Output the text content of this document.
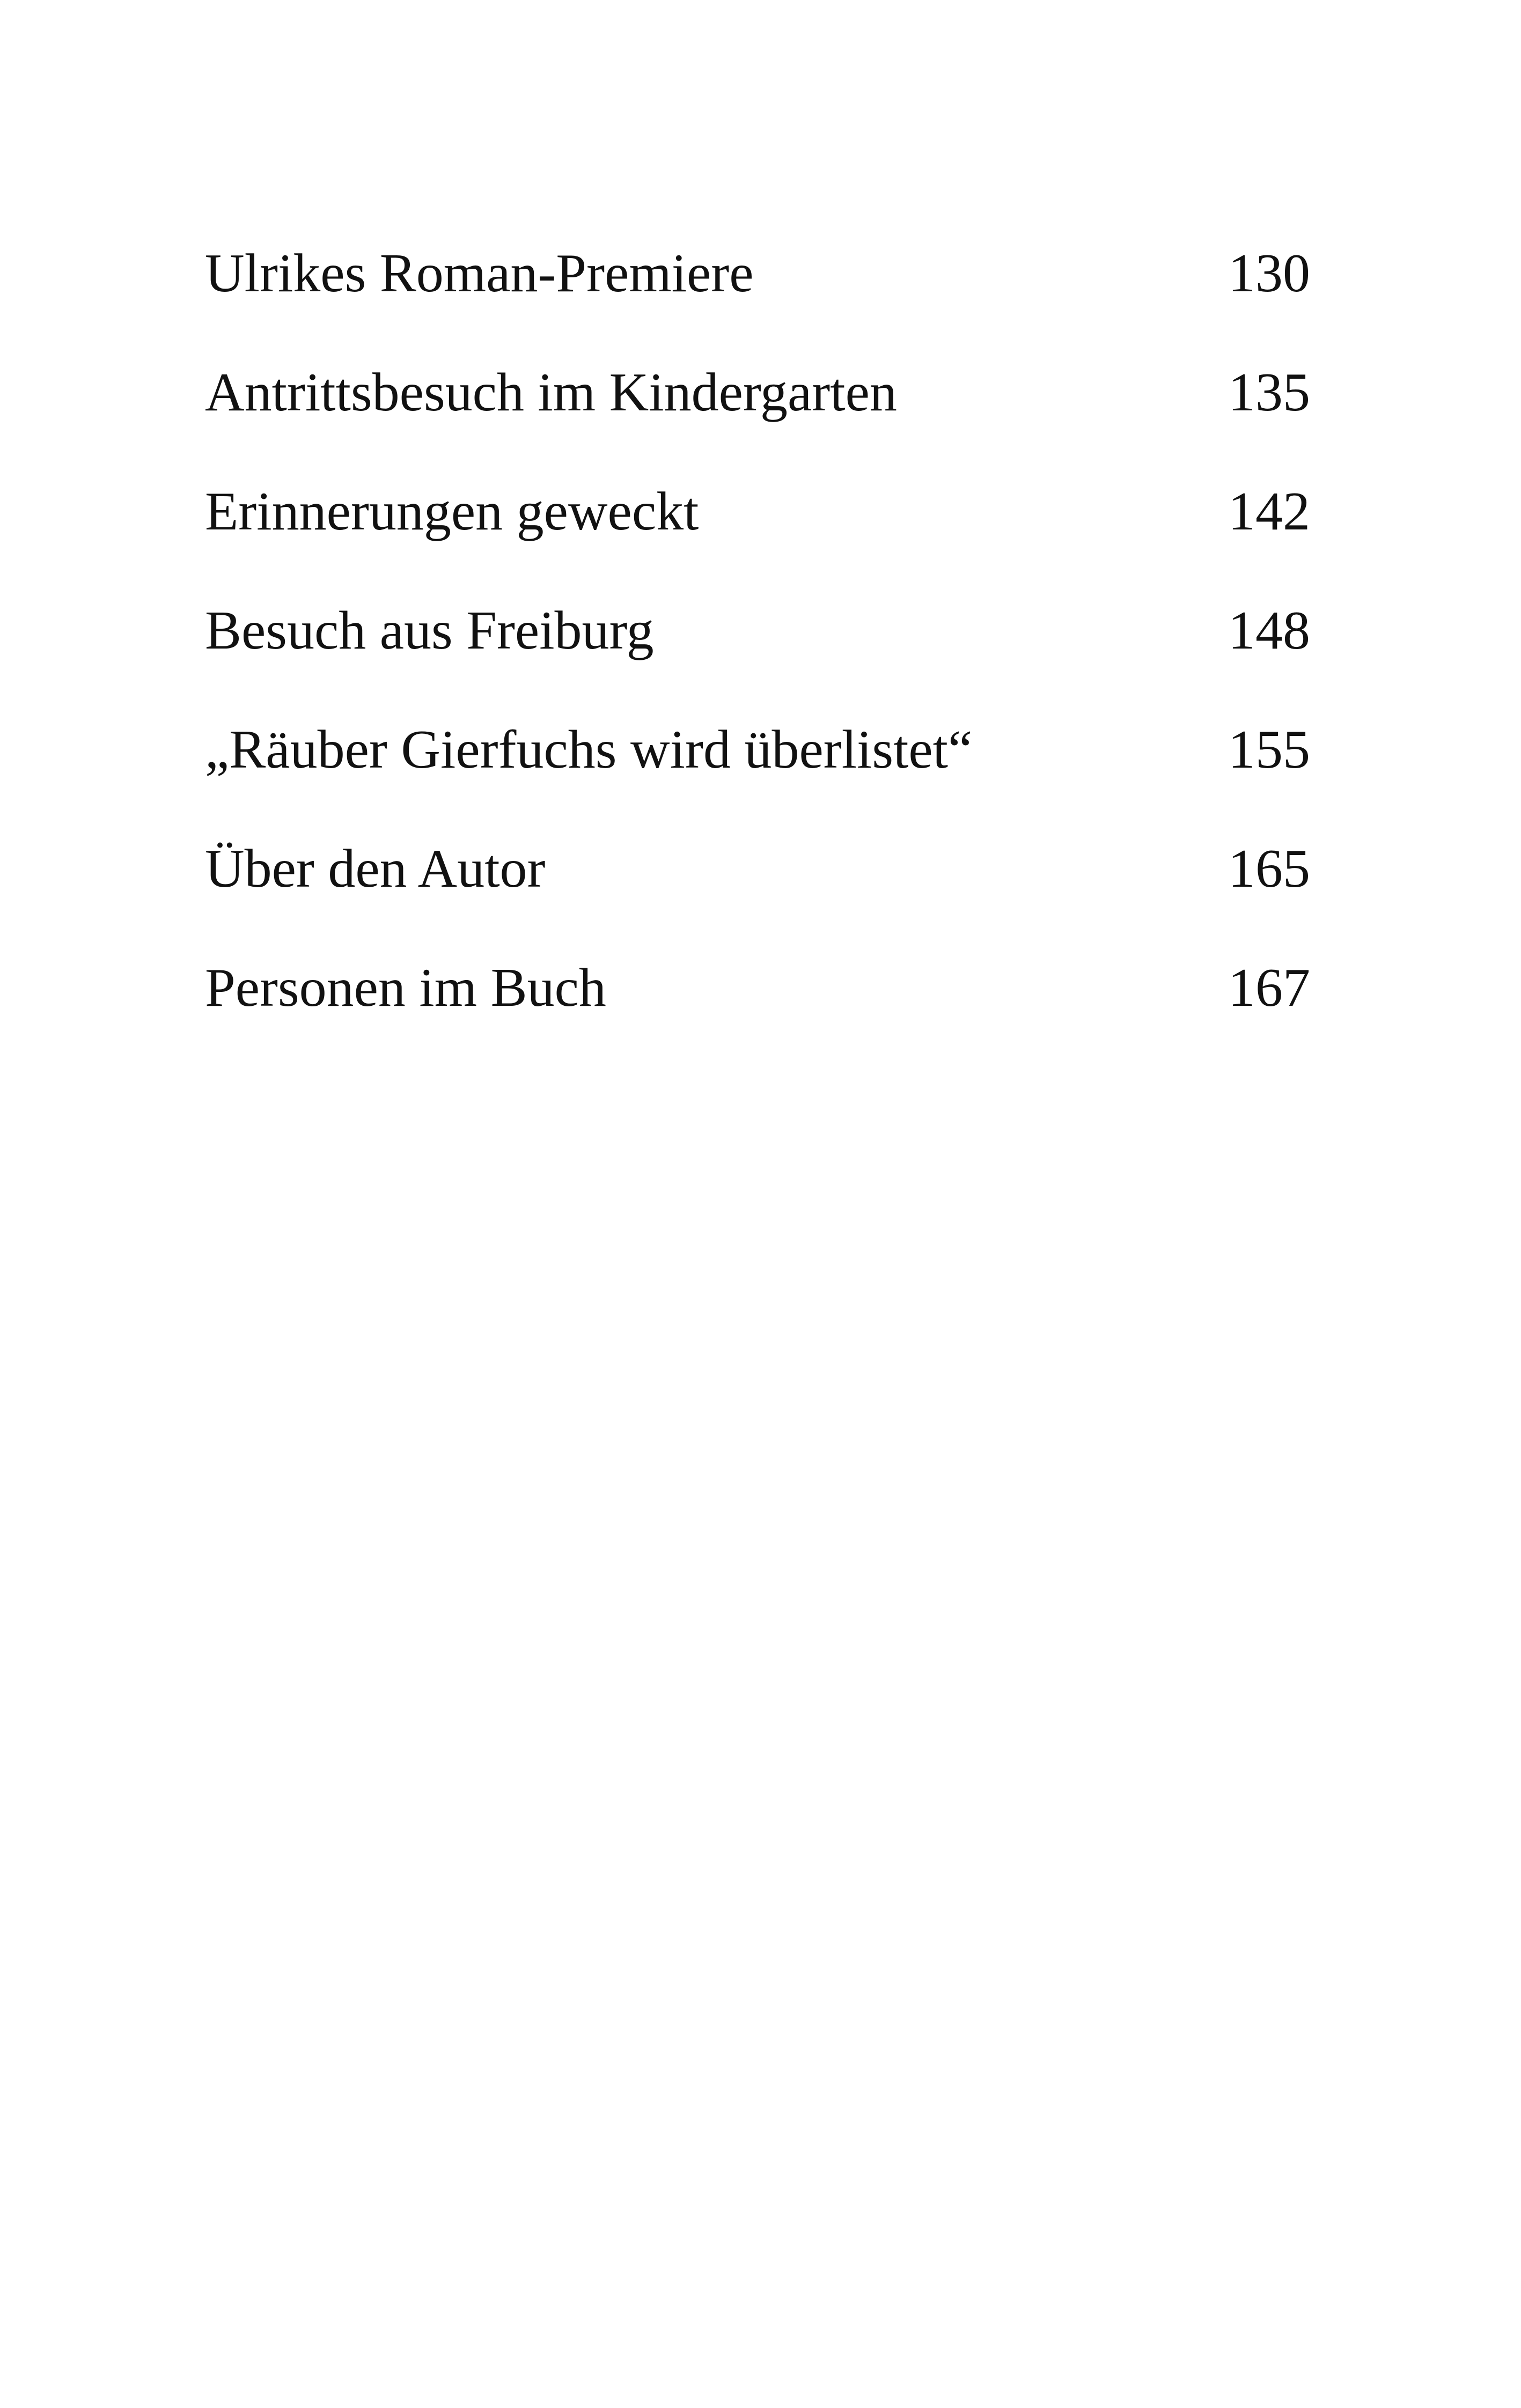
Ulrikes Roman-Premiere	130
Antrittsbesuch im Kindergarten	135
Erinnerungen geweckt	142
Besuch aus Freiburg	148
„Räuber Gierfuchs wird überlistet“	155
Über den Autor	165
Personen im Buch	167
